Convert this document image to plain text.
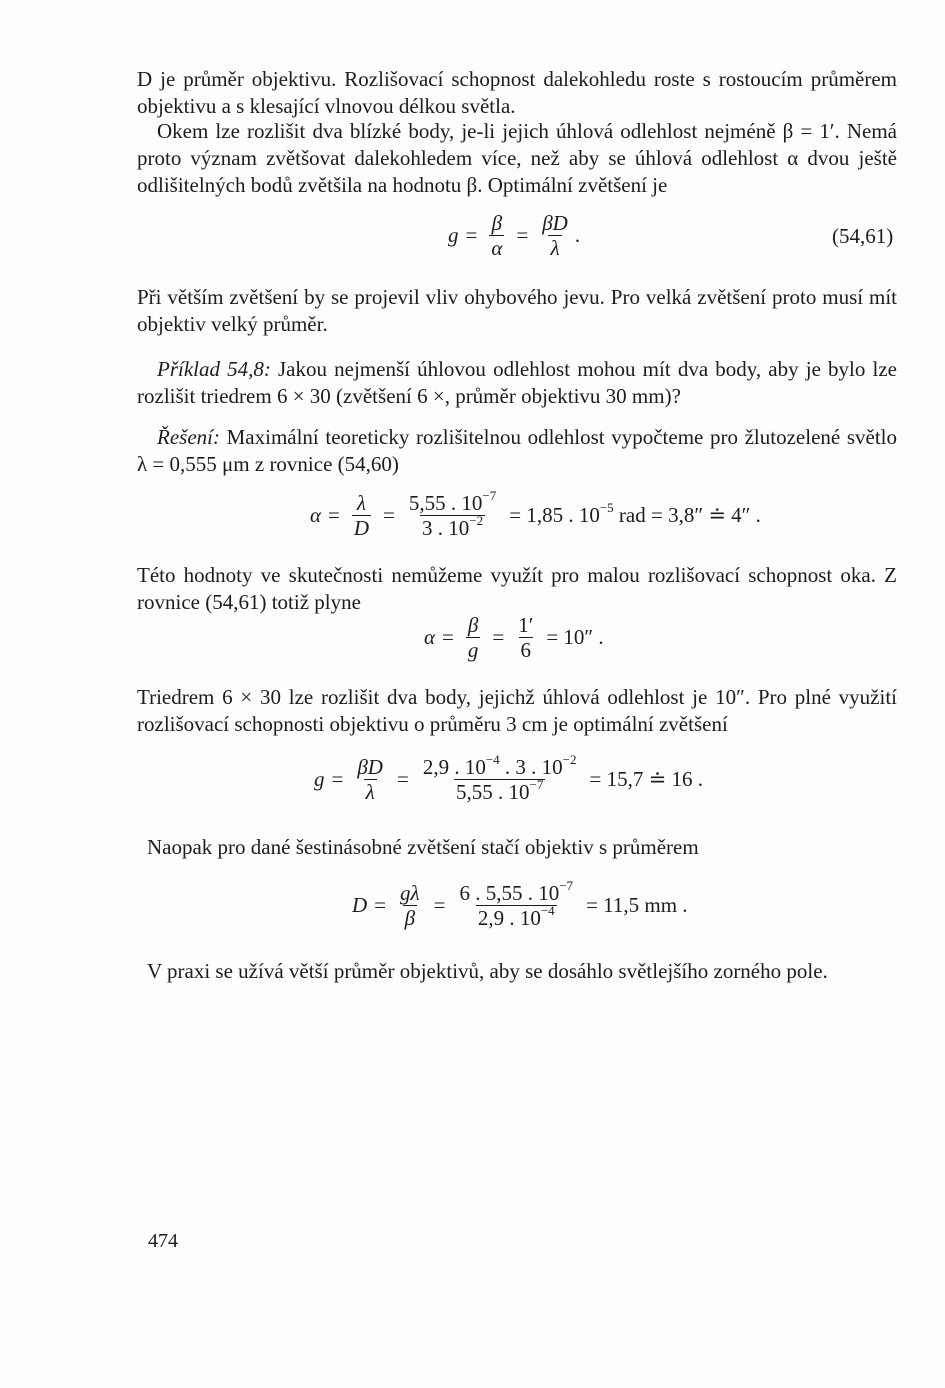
D je průměr objektivu. Rozlišovací schopnost dalekohledu roste s rostoucím průměrem objektivu a s klesající vlnovou délkou světla.

Okem lze rozlišit dva blízké body, je-li jejich úhlová odlehlost nejméně β = 1′. Nemá proto význam zvětšovat dalekohledem více, než aby se úhlová odlehlost α dvou ještě odlišitelných bodů zvětšila na hodnotu β. Optimální zvětšení je

$g = \frac{\beta}{\alpha} = \frac{\beta D}{\lambda}$ .	(54,61)

Při větším zvětšení by se projevil vliv ohybového jevu. Pro velká zvětšení proto musí mít objektiv velký průměr.

Příklad 54,8: Jakou nejmenší úhlovou odlehlost mohou mít dva body, aby je bylo lze rozlišit triedrem 6 × 30 (zvětšení 6 ×, průměr objektivu 30 mm)?

Řešení: Maximální teoreticky rozlišitelnou odlehlost vypočteme pro žlutozelené světlo λ = 0,555 μm z rovnice (54,60)

$\alpha = \frac{\lambda}{D} = \frac{5,55 . 10^{-7}}{3 . 10^{-2}} = 1,85$ . $10^{-5}$ rad = 3,8″ ≐ 4″ .

Této hodnoty ve skutečnosti nemůžeme využít pro malou rozlišovací schopnost oka. Z rovnice (54,61) totiž plyne

$\alpha = \frac{\beta}{g} = \frac{1'}{6} = 10''$ .

Triedrem 6 × 30 lze rozlišit dva body, jejichž úhlová odlehlost je 10″. Pro plné využití rozlišovací schopnosti objektivu o průměru 3 cm je optimální zvětšení

$g = \frac{\beta D}{\lambda} = \frac{2,9 . 10^{-4} . 3 . 10^{-2}}{5,55 . 10^{-7}} = 15,7$ ≐ 16 .

Naopak pro dané šestinásobné zvětšení stačí objektiv s průměrem

$D = \frac{g\lambda}{\beta} = \frac{6 . 5,55 . 10^{-7}}{2,9 . 10^{-4}} = 11,5$ mm .

V praxi se užívá větší průměr objektivů, aby se dosáhlo světlejšího zorného pole.

474
